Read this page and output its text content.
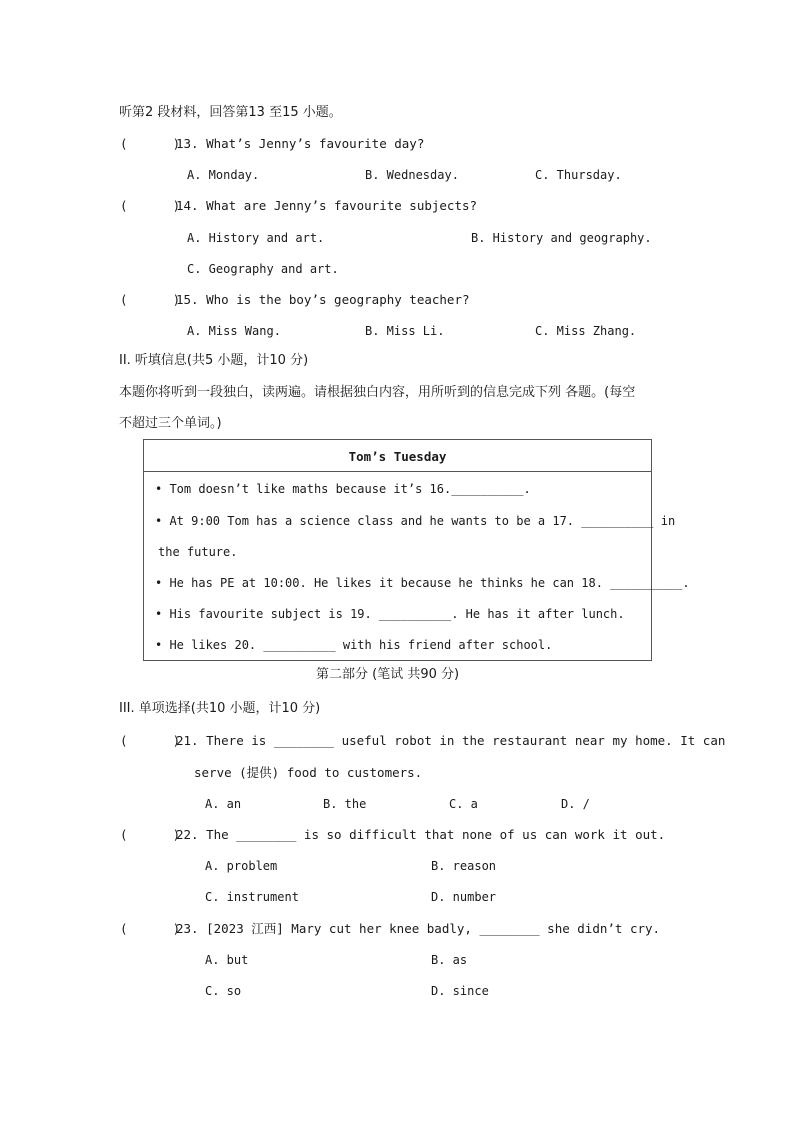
听第2 段材料，回答第13 至15 小题。
(      )
13. What’s Jenny’s favourite day?
A. Monday.	B. Wednesday.	C. Thursday.
(      )
14. What are Jenny’s favourite subjects?
A. History and art.	B. History and geography.
C. Geography and art.
(      )
15. Who is the boy’s geography teacher?
A. Miss Wang.	B. Miss Li.	C. Miss Zhang.
II. 听填信息(共5 小题，计10 分)
本题你将听到一段独白，读两遍。请根据独白内容，用所听到的信息完成下列 各题。(每空
不超过三个单词。)
Tom’s Tuesday
• Tom doesn’t like maths because it’s 16.__________.
• At 9:00 Tom has a science class and he wants to be a 17. __________ in
the future.
• He has PE at 10:00. He likes it because he thinks he can 18. __________.
• His favourite subject is 19. __________. He has it after lunch.
• He likes 20. __________ with his friend after school.
第二部分 (笔试 共90 分)
III. 单项选择(共10 小题，计10 分)
(      )
21. There is ________ useful robot in the restaurant near my home. It can
serve (提供) food to customers.
A. an	B. the	C. a	D. /
(      )
22. The ________ is so difficult that none of us can work it out.
A. problem	B. reason
C. instrument	D. number
(      )
23. [2023 江西] Mary cut her knee badly, ________ she didn’t cry.
A. but	B. as
C. so	D. since
